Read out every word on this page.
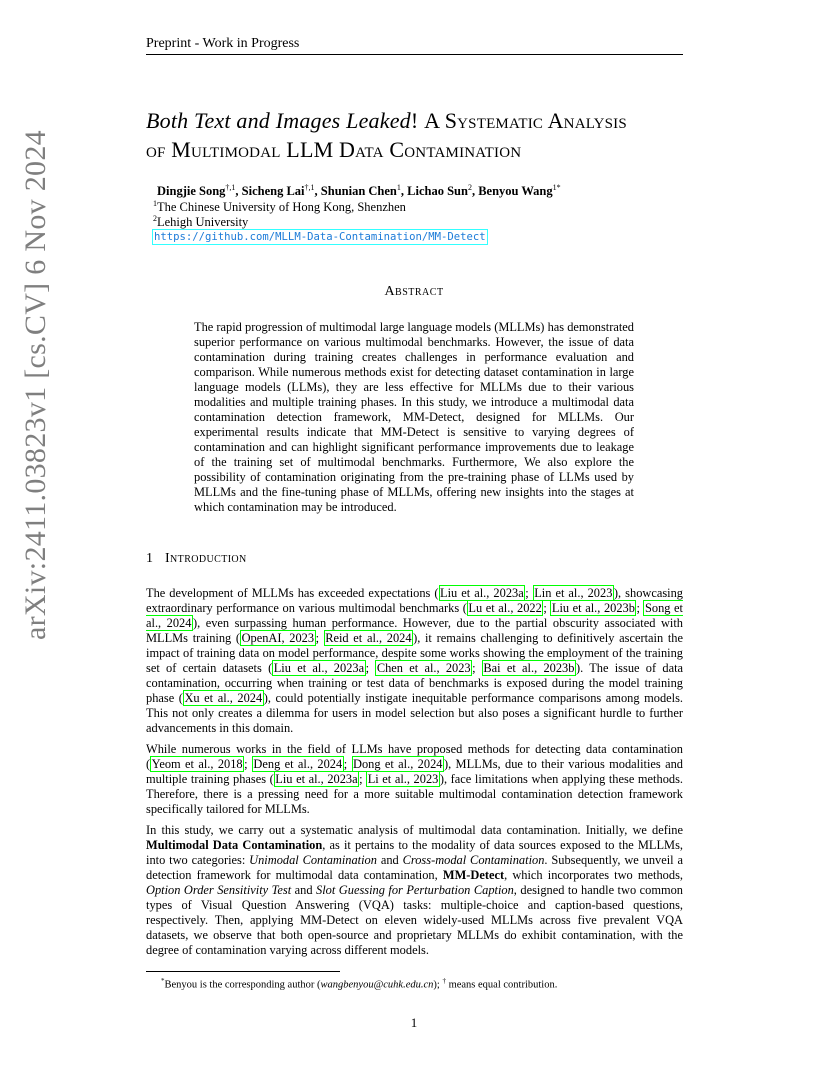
arXiv:2411.03823v1 [cs.CV] 6 Nov 2024
Preprint - Work in Progress
Both Text and Images Leaked! A Systematic Analysis
of Multimodal LLM Data Contamination
Dingjie Song$^{\dagger,1}$, Sicheng Lai$^{\dagger,1}$, Shunian Chen$^1$, Lichao Sun$^2$, Benyou Wang$^{1*}$
$^1$The Chinese University of Hong Kong, Shenzhen
$^2$Lehigh University
https://github.com/MLLM-Data-Contamination/MM-Detect
Abstract
The rapid progression of multimodal large language models (MLLMs) has demonstrated superior performance on various multimodal benchmarks. However, the issue of data contamination during training creates challenges in performance evaluation and comparison. While numerous methods exist for detecting dataset contamination in large language models (LLMs), they are less effective for MLLMs due to their various modalities and multiple training phases. In this study, we introduce a multimodal data contamination detection framework, MM-Detect, designed for MLLMs. Our experimental results indicate that MM-Detect is sensitive to varying degrees of contamination and can highlight significant performance improvements due to leakage of the training set of multimodal benchmarks. Furthermore, We also explore the possibility of contamination originating from the pre-training phase of LLMs used by MLLMs and the fine-tuning phase of MLLMs, offering new insights into the stages at which contamination may be introduced.
1 Introduction
The development of MLLMs has exceeded expectations ( Liu et al., 2023a ; Lin et al., 2023 ), showcasing extraordinary performance on various multimodal benchmarks ( Lu et al., 2022 ; Liu et al., 2023b ; Song et al., 2024 ), even surpassing human performance. However, due to the partial obscurity associated with MLLMs training ( OpenAI, 2023 ; Reid et al., 2024 ), it remains challenging to definitively ascertain the impact of training data on model performance, despite some works showing the employment of the training set of certain datasets ( Liu et al., 2023a ; Chen et al., 2023 ; Bai et al., 2023b ). The issue of data contamination, occurring when training or test data of benchmarks is exposed during the model training phase ( Xu et al., 2024 ), could potentially instigate inequitable performance comparisons among models. This not only creates a dilemma for users in model selection but also poses a significant hurdle to further advancements in this domain.
While numerous works in the field of LLMs have proposed methods for detecting data contamination ( Yeom et al., 2018 ; Deng et al., 2024 ; Dong et al., 2024 ), MLLMs, due to their various modalities and multiple training phases ( Liu et al., 2023a ; Li et al., 2023 ), face limitations when applying these methods. Therefore, there is a pressing need for a more suitable multimodal contamination detection framework specifically tailored for MLLMs.
In this study, we carry out a systematic analysis of multimodal data contamination. Initially, we define Multimodal Data Contamination, as it pertains to the modality of data sources exposed to the MLLMs, into two categories: Unimodal Contamination and Cross-modal Contamination. Subsequently, we unveil a detection framework for multimodal data contamination, MM-Detect, which incorporates two methods, Option Order Sensitivity Test and Slot Guessing for Perturbation Caption, designed to handle two common types of Visual Question Answering (VQA) tasks: multiple-choice and caption-based questions, respectively. Then, applying MM-Detect on eleven widely-used MLLMs across five prevalent VQA datasets, we observe that both open-source and proprietary MLLMs do exhibit contamination, with the degree of contamination varying across different models.
*Benyou is the corresponding author (wangbenyou@cuhk.edu.cn); † means equal contribution.
1
